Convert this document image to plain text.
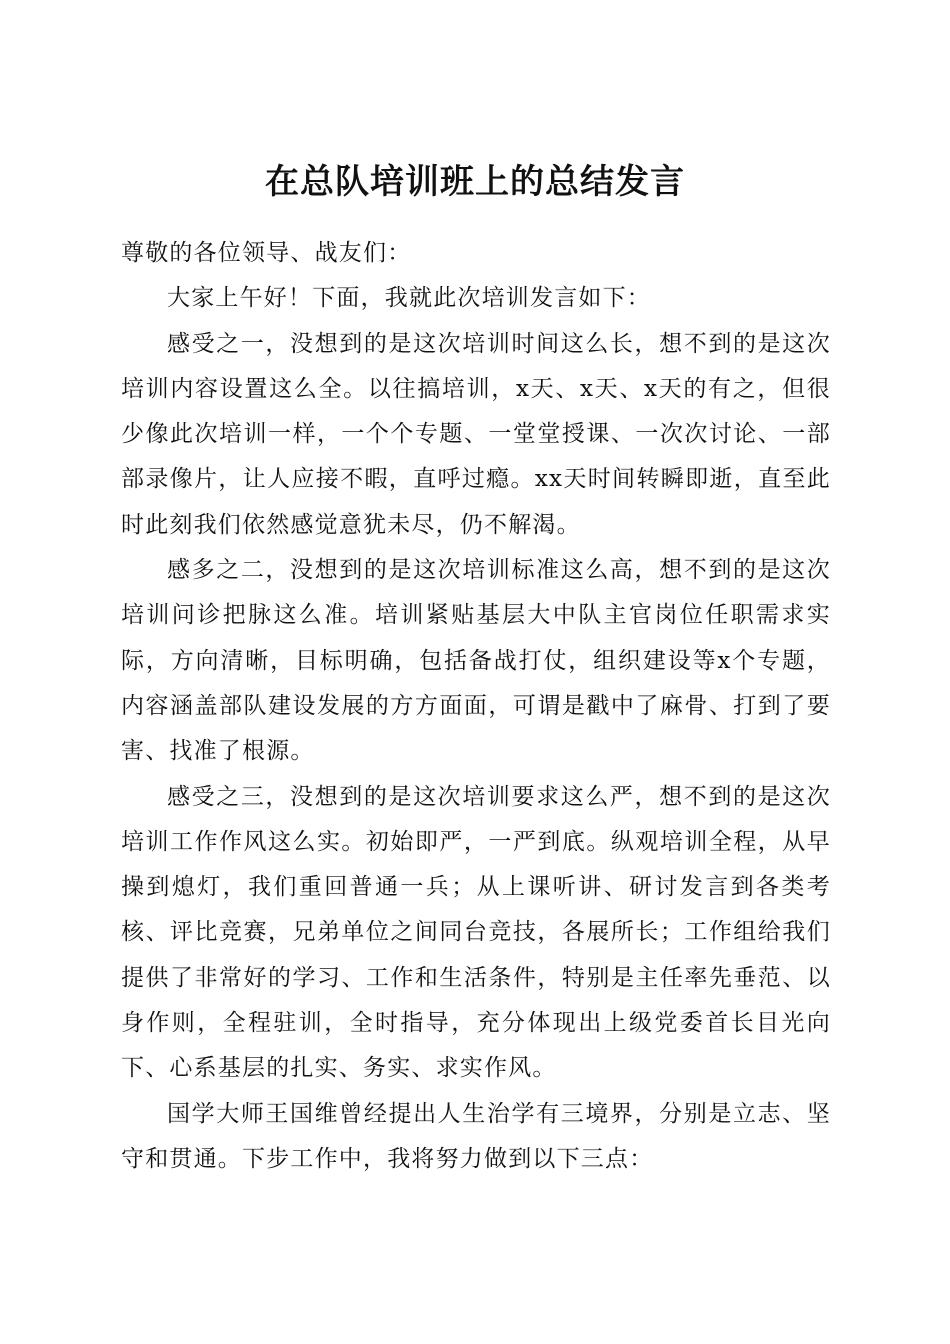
在总队培训班上的总结发言

尊敬的各位领导、战友们：

大家上午好！下面，我就此次培训发言如下：

感受之一，没想到的是这次培训时间这么长，想不到的是这次培训内容设置这么全。以往搞培训，x天、x天、x天的有之，但很少像此次培训一样，一个个专题、一堂堂授课、一次次讨论、一部部录像片，让人应接不暇，直呼过瘾。xx天时间转瞬即逝，直至此时此刻我们依然感觉意犹未尽，仍不解渴。

感多之二，没想到的是这次培训标准这么高，想不到的是这次培训问诊把脉这么准。培训紧贴基层大中队主官岗位任职需求实际，方向清晰，目标明确，包括备战打仗，组织建设等x个专题，内容涵盖部队建设发展的方方面面，可谓是戳中了麻骨、打到了要害、找准了根源。

感受之三，没想到的是这次培训要求这么严，想不到的是这次培训工作作风这么实。初始即严，一严到底。纵观培训全程，从早操到熄灯，我们重回普通一兵；从上课听讲、研讨发言到各类考核、评比竞赛，兄弟单位之间同台竞技，各展所长；工作组给我们提供了非常好的学习、工作和生活条件，特别是主任率先垂范、以身作则，全程驻训，全时指导，充分体现出上级党委首长目光向下、心系基层的扎实、务实、求实作风。

国学大师王国维曾经提出人生治学有三境界，分别是立志、坚守和贯通。下步工作中，我将努力做到以下三点：
